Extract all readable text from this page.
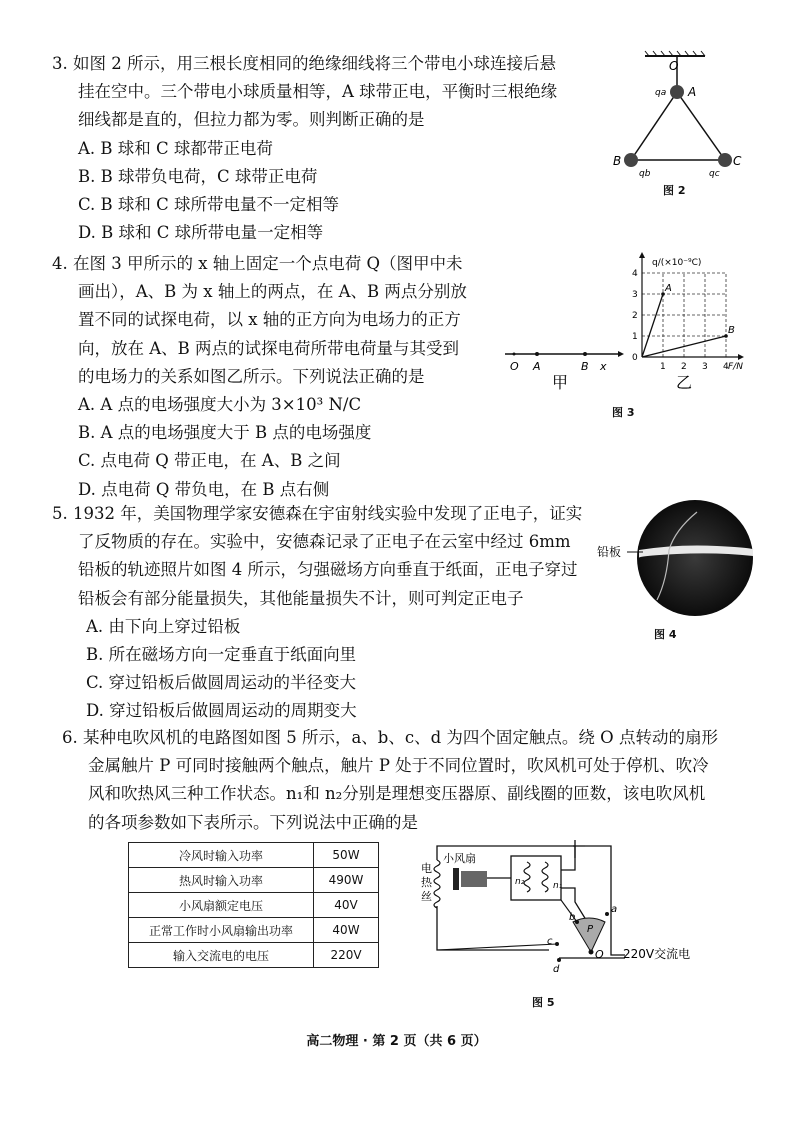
3. 如图 2 所示，用三根长度相同的绝缘细线将三个带电小球连接后悬
挂在空中。三个带电小球质量相等，A 球带正电，平衡时三根绝缘
细线都是直的，但拉力都为零。则判断正确的是
A. B 球和 C 球都带正电荷
B. B 球带负电荷，C 球带正电荷
C. B 球和 C 球所带电量不一定相等
D. B 球和 C 球所带电量一定相等
O
A
qa
B	C
qb	qc
图 2
4. 在图 3 甲所示的 x 轴上固定一个点电荷 Q（图甲中未
画出），A、B 为 x 轴上的两点，在 A、B 两点分别放
置不同的试探电荷，以 x 轴的正方向为电场力的正方
向，放在 A、B 两点的试探电荷所带电荷量与其受到
的电场力的关系如图乙所示。下列说法正确的是
A. A 点的电场强度大小为 3×10³ N/C
B. A 点的电场强度大于 B 点的电场强度
C. 点电荷 Q 带正电，在 A、B 之间
D. 点电荷 Q 带负电，在 B 点右侧
O A	B x
甲
1 2 3 4
1
2
3
4
A
B
q/(×10⁻⁹C)
F/N
0
乙
图 3
5. 1932 年，美国物理学家安德森在宇宙射线实验中发现了正电子，证实
了反物质的存在。实验中，安德森记录了正电子在云室中经过 6mm
铅板的轨迹照片如图 4 所示，匀强磁场方向垂直于纸面，正电子穿过
铅板会有部分能量损失，其他能量损失不计，则可判定正电子
A. 由下向上穿过铅板
B. 所在磁场方向一定垂直于纸面向里
C. 穿过铅板后做圆周运动的半径变大
D. 穿过铅板后做圆周运动的周期变大
铅板
图 4
6. 某种电吹风机的电路图如图 5 所示，a、b、c、d 为四个固定触点。绕 O 点转动的扇形
金属触片 P 可同时接触两个触点，触片 P 处于不同位置时，吹风机可处于停机、吹冷
风和吹热风三种工作状态。n₁和 n₂分别是理想变压器原、副线圈的匝数，该电吹风机
的各项参数如下表所示。下列说法中正确的是
冷风时输入功率	50W
热风时输入功率	490W
小风扇额定电压	40V
正常工作时小风扇输出功率	40W
输入交流电的电压	220V
电
热
丝
小风扇
n₂	n₁
a
b
c
d
O
P
220V交流电
图 5
高二物理 · 第 2 页（共 6 页）
